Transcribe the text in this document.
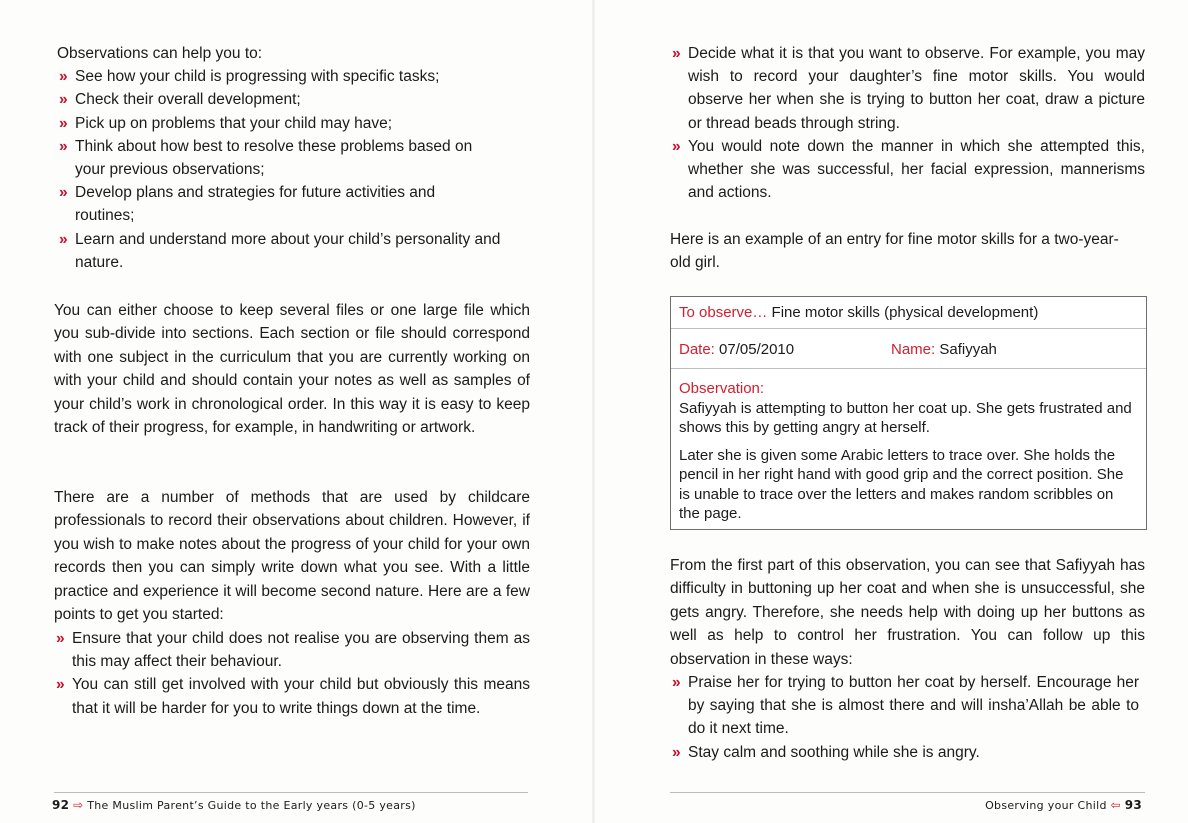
Observations can help you to:
» See how your child is progressing with specific tasks;
» Check their overall development;
» Pick up on problems that your child may have;
» Think about how best to resolve these problems based on your previous observations;
» Develop plans and strategies for future activities and routines;
» Learn and understand more about your child’s personality and nature.
You can either choose to keep several files or one large file which you sub-divide into sections. Each section or file should correspond with one subject in the curriculum that you are currently working on with your child and should contain your notes as well as samples of your child’s work in chronological order. In this way it is easy to keep track of their progress, for example, in handwriting or artwork.
There are a number of methods that are used by childcare professionals to record their observations about children. However, if you wish to make notes about the progress of your child for your own records then you can simply write down what you see. With a little practice and experience it will become second nature. Here are a few points to get you started:
» Ensure that your child does not realise you are observing them as this may affect their behaviour.
» You can still get involved with your child but obviously this means that it will be harder for you to write things down at the time.
92 ⇨ The Muslim Parent’s Guide to the Early years (0-5 years)
» Decide what it is that you want to observe. For example, you may wish to record your daughter’s fine motor skills. You would observe her when she is trying to button her coat, draw a picture or thread beads through string.
» You would note down the manner in which she attempted this, whether she was successful, her facial expression, mannerisms and actions.
Here is an example of an entry for fine motor skills for a two-year-old girl.
To observe… Fine motor skills (physical development)
Date: 07/05/2010	Name: Safiyyah
Observation:

Safiyyah is attempting to button her coat up. She gets frustrated and shows this by getting angry at herself.

Later she is given some Arabic letters to trace over. She holds the pencil in her right hand with good grip and the correct position. She is unable to trace over the letters and makes random scribbles on the page.

From the first part of this observation, you can see that Safiyyah has difficulty in buttoning up her coat and when she is unsuccessful, she gets angry. Therefore, she needs help with doing up her buttons as well as help to control her frustration. You can follow up this observation in these ways:
» Praise her for trying to button her coat by herself. Encourage her by saying that she is almost there and will insha’Allah be able to do it next time.
» Stay calm and soothing while she is angry.
Observing your Child ⇦ 93
